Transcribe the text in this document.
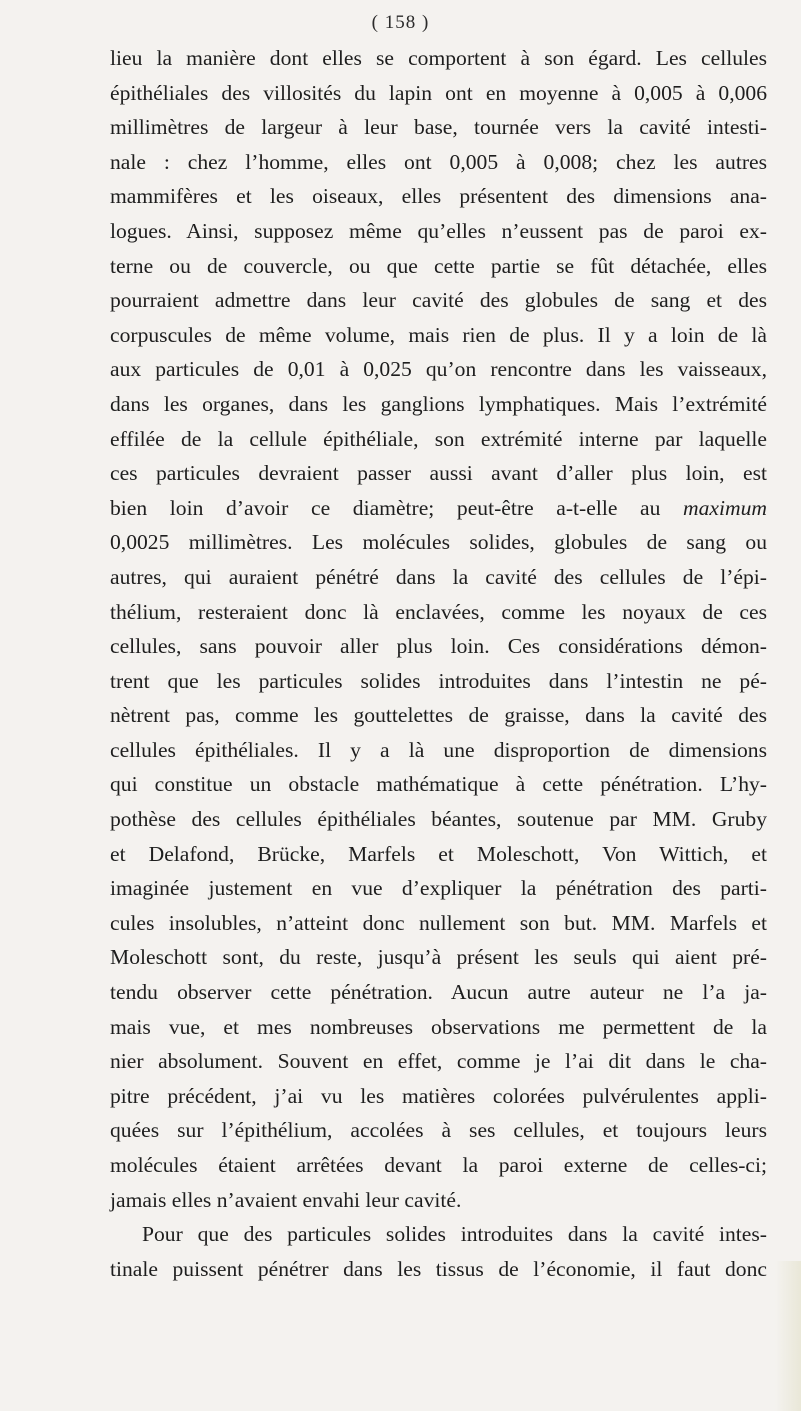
( 158 )
lieu la manière dont elles se comportent à son égard. Les cellules
épithéliales des villosités du lapin ont en moyenne à 0,005 à 0,006
millimètres de largeur à leur base, tournée vers la cavité intesti-
nale : chez l’homme, elles ont 0,005 à 0,008; chez les autres
mammifères et les oiseaux, elles présentent des dimensions ana-
logues. Ainsi, supposez même qu’elles n’eussent pas de paroi ex-
terne ou de couvercle, ou que cette partie se fût détachée, elles
pourraient admettre dans leur cavité des globules de sang et des
corpuscules de même volume, mais rien de plus. Il y a loin de là
aux particules de 0,01 à 0,025 qu’on rencontre dans les vaisseaux,
dans les organes, dans les ganglions lymphatiques. Mais l’extrémité
effilée de la cellule épithéliale, son extrémité interne par laquelle
ces particules devraient passer aussi avant d’aller plus loin, est
bien loin d’avoir ce diamètre; peut-être a-t-elle au maximum
0,0025 millimètres. Les molécules solides, globules de sang ou
autres, qui auraient pénétré dans la cavité des cellules de l’épi-
thélium, resteraient donc là enclavées, comme les noyaux de ces
cellules, sans pouvoir aller plus loin. Ces considérations démon-
trent que les particules solides introduites dans l’intestin ne pé-
nètrent pas, comme les gouttelettes de graisse, dans la cavité des
cellules épithéliales. Il y a là une disproportion de dimensions
qui constitue un obstacle mathématique à cette pénétration. L’hy-
pothèse des cellules épithéliales béantes, soutenue par MM. Gruby
et Delafond, Brücke, Marfels et Moleschott, Von Wittich, et
imaginée justement en vue d’expliquer la pénétration des parti-
cules insolubles, n’atteint donc nullement son but. MM. Marfels et
Moleschott sont, du reste, jusqu’à présent les seuls qui aient pré-
tendu observer cette pénétration. Aucun autre auteur ne l’a ja-
mais vue, et mes nombreuses observations me permettent de la
nier absolument. Souvent en effet, comme je l’ai dit dans le cha-
pitre précédent, j’ai vu les matières colorées pulvérulentes appli-
quées sur l’épithélium, accolées à ses cellules, et toujours leurs
molécules étaient arrêtées devant la paroi externe de celles-ci;
jamais elles n’avaient envahi leur cavité.
Pour que des particules solides introduites dans la cavité intes-
tinale puissent pénétrer dans les tissus de l’économie, il faut donc
